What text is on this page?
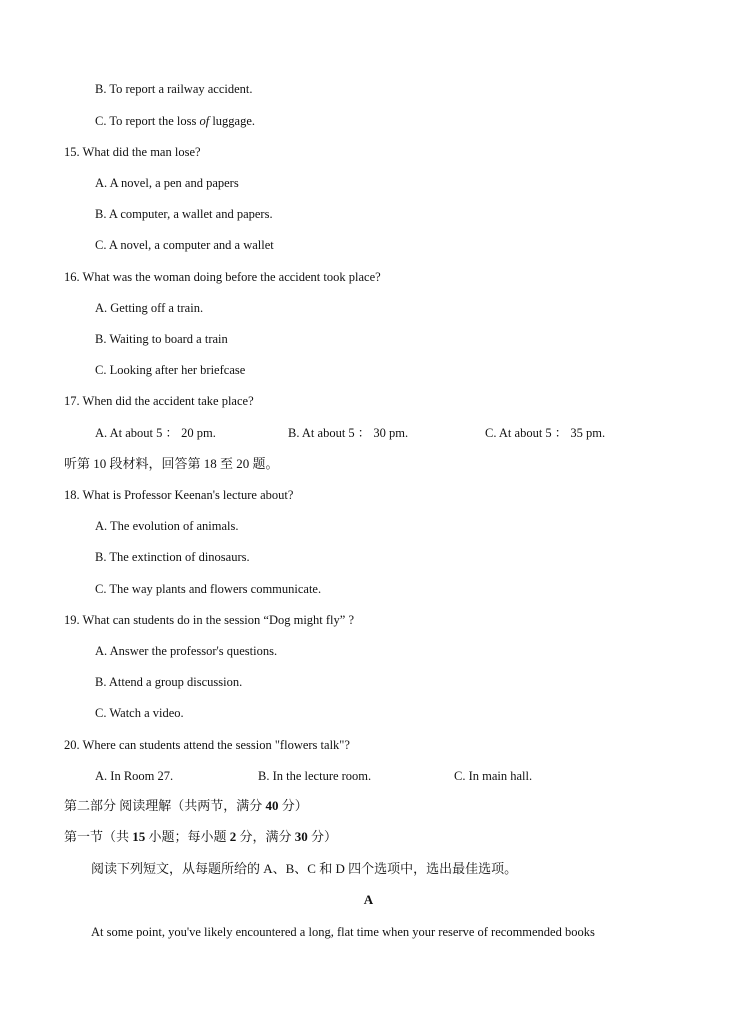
B. To report a railway accident.
C. To report the loss of luggage.
15. What did the man lose?
A. A novel, a pen and papers
B. A computer, a wallet and papers.
C. A novel, a computer and a wallet
16. What was the woman doing before the accident took place?
A. Getting off a train.
B. Waiting to board a train
C. Looking after her briefcase
17. When did the accident take place?
A. At about 5 ： 20 pm.	B. At about 5 ： 30 pm.	C. At about 5 ： 35 pm.
听第 10 段材料，回答第 18 至 20 题。
18. What is Professor Keenan's lecture about?
A. The evolution of animals.
B. The extinction of dinosaurs.
C. The way plants and flowers communicate.
19. What can students do in the session “Dog might fly” ?
A. Answer the professor's questions.
B. Attend a group discussion.
C. Watch a video.
20. Where can students attend the session "flowers talk"?
A. In Room 27.	B. In the lecture room.	C. In main hall.
第二部分 阅读理解（共两节，满分 40 分）
第一节（共 15 小题；每小题 2 分，满分 30 分）
阅读下列短文，从每题所给的 A、B、C 和 D 四个选项中，选出最佳选项。
A
At some point, you've likely encountered a long, flat time when your reserve of recommended books
